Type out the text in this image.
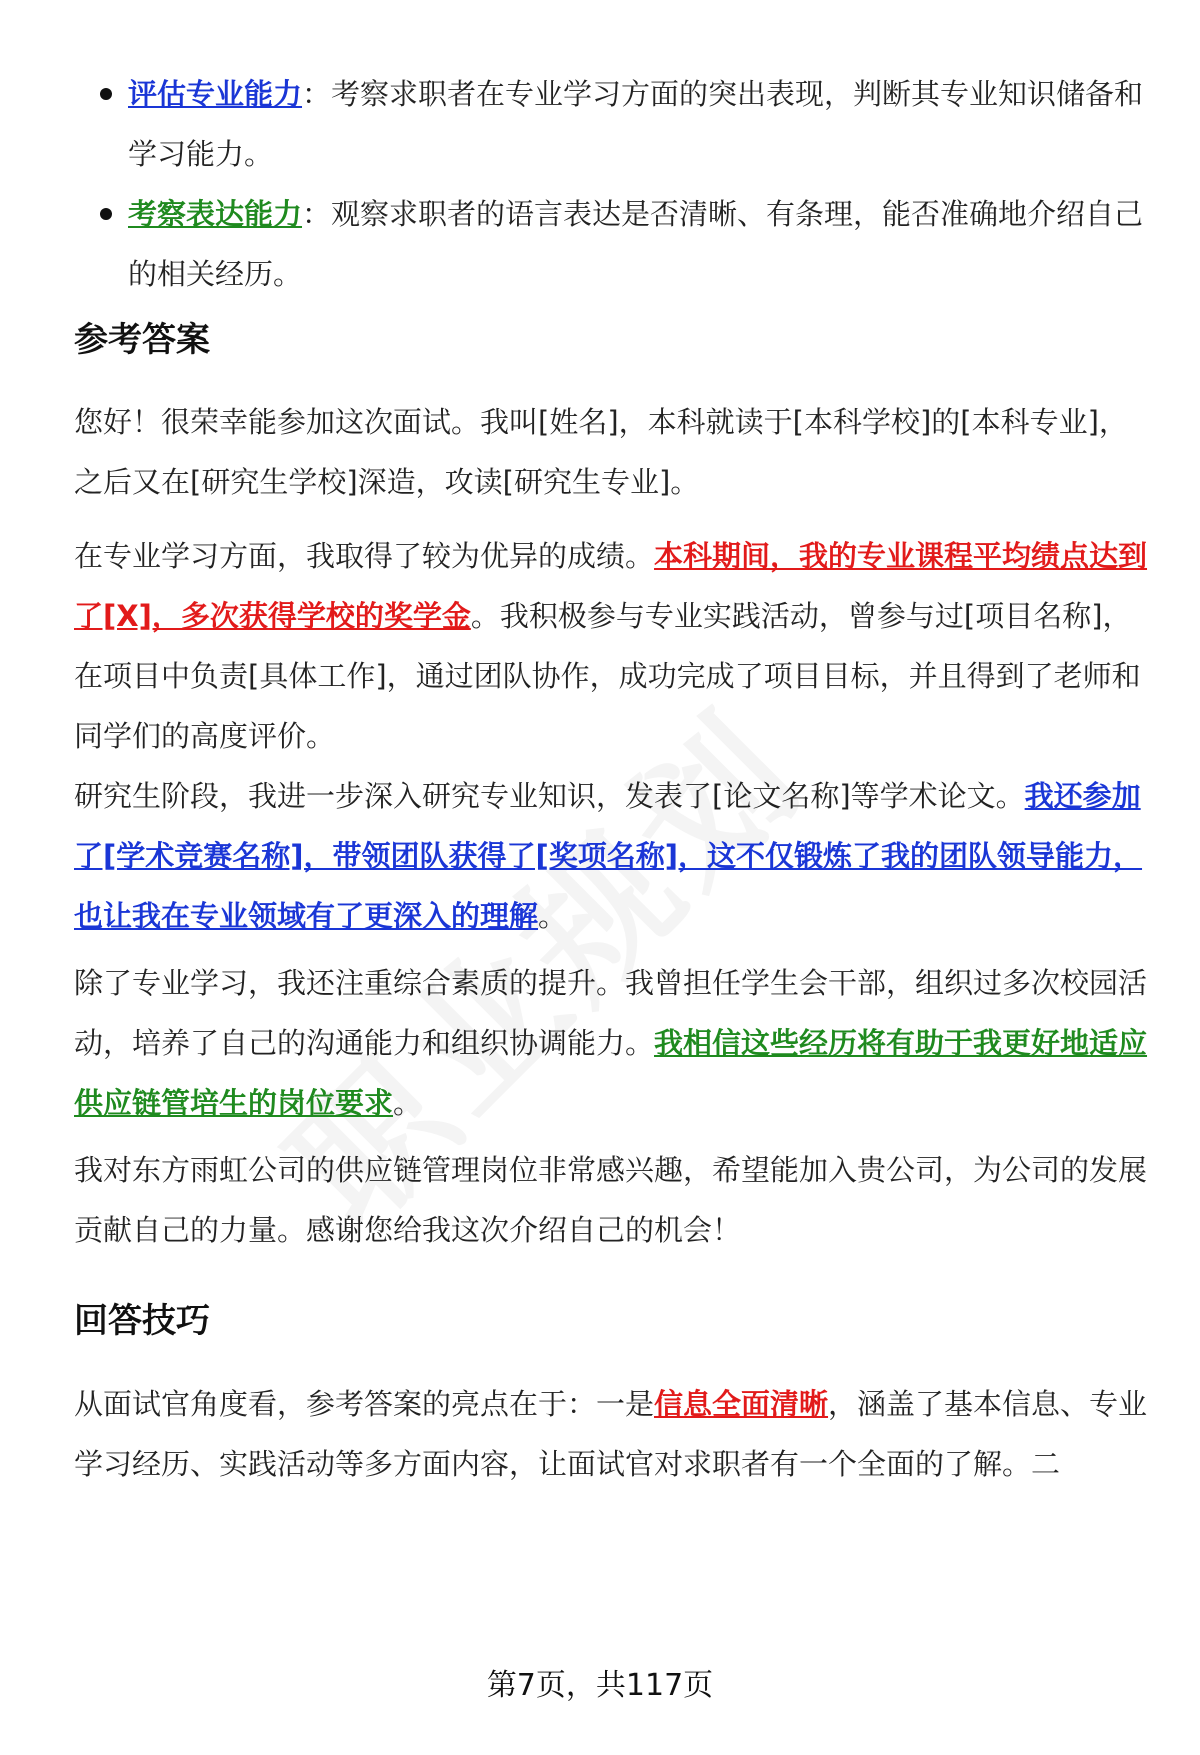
评估专业能力：考察求职者在专业学习方面的突出表现，判断其专业知识储备和学习能力。
考察表达能力：观察求职者的语言表达是否清晰、有条理，能否准确地介绍自己的相关经历。
参考答案

您好！很荣幸能参加这次面试。我叫[姓名]，本科就读于[本科学校]的[本科专业]，之后又在[研究生学校]深造，攻读[研究生专业]。

在专业学习方面，我取得了较为优异的成绩。本科期间，我的专业课程平均绩点达到了[X]，多次获得学校的奖学金。我积极参与专业实践活动，曾参与过[项目名称]，在项目中负责[具体工作]，通过团队协作，成功完成了项目目标，并且得到了老师和同学们的高度评价。

研究生阶段，我进一步深入研究专业知识，发表了[论文名称]等学术论文。我还参加了[学术竞赛名称]，带领团队获得了[奖项名称]，这不仅锻炼了我的团队领导能力，也让我在专业领域有了更深入的理解。

除了专业学习，我还注重综合素质的提升。我曾担任学生会干部，组织过多次校园活动，培养了自己的沟通能力和组织协调能力。我相信这些经历将有助于我更好地适应供应链管培生的岗位要求。

我对东方雨虹公司的供应链管理岗位非常感兴趣，希望能加入贵公司，为公司的发展贡献自己的力量。感谢您给我这次介绍自己的机会！

回答技巧

从面试官角度看，参考答案的亮点在于：一是信息全面清晰，涵盖了基本信息、专业学习经历、实践活动等多方面内容，让面试官对求职者有一个全面的了解。二

第7页，共117页
